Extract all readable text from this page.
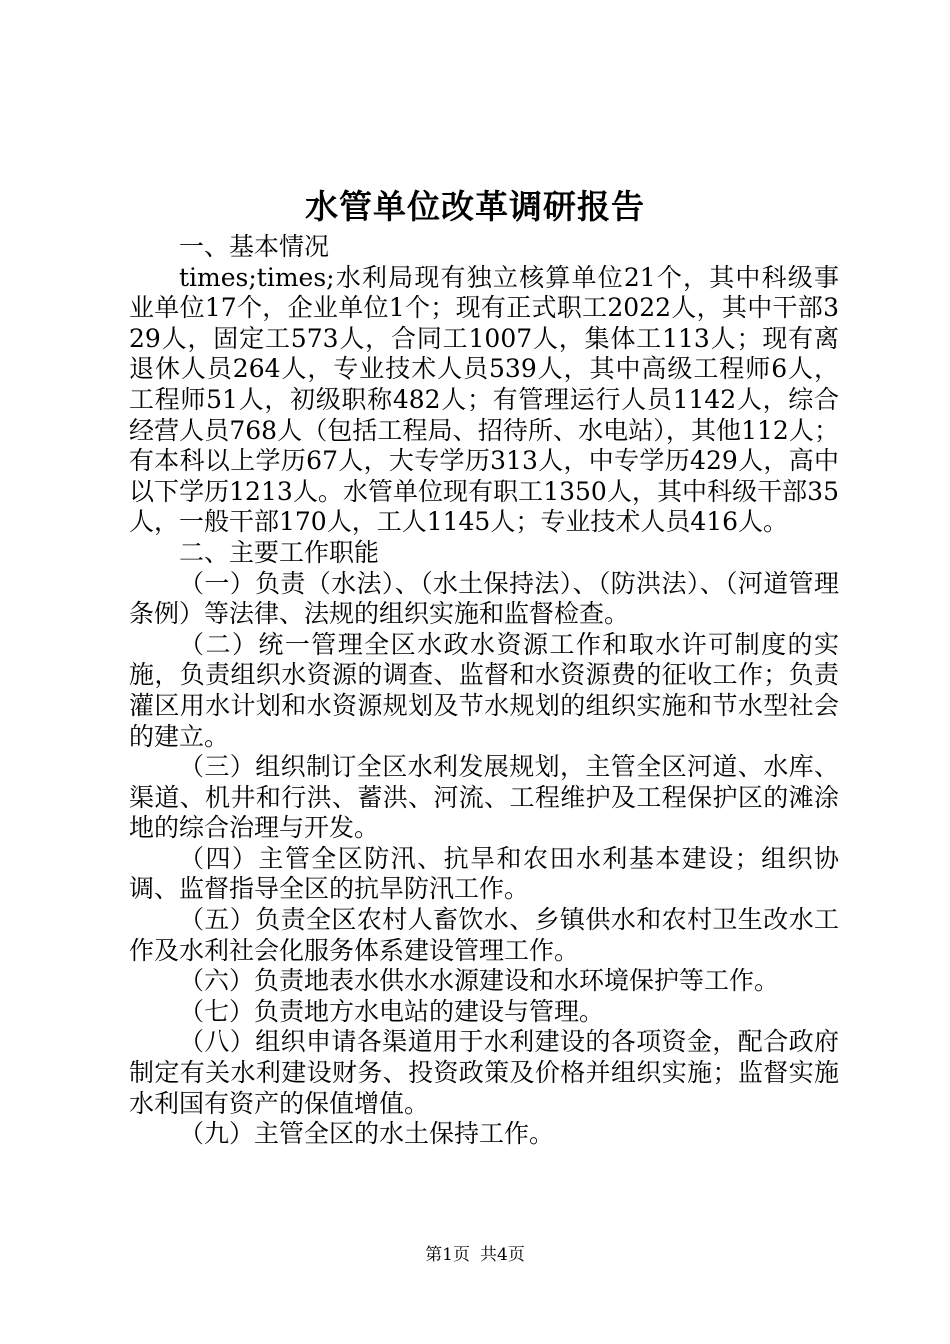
水管单位改革调研报告

一、基本情况

times;times;水利局现有独立核算单位21个，其中科级事业单位17个，企业单位1个；现有正式职工2022人，其中干部329人，固定工573人，合同工1007人，集体工113人；现有离退休人员264人，专业技术人员539人，其中高级工程师6人，工程师51人，初级职称482人；有管理运行人员1142人，综合经营人员768人（包括工程局、招待所、水电站），其他112人；有本科以上学历67人，大专学历313人，中专学历429人，高中以下学历1213人。水管单位现有职工1350人，其中科级干部35人，一般干部170人，工人1145人；专业技术人员416人。

二、主要工作职能

（一）负责（水法）、（水土保持法）、（防洪法）、（河道管理条例）等法律、法规的组织实施和监督检查。

（二）统一管理全区水政水资源工作和取水许可制度的实施，负责组织水资源的调查、监督和水资源费的征收工作；负责灌区用水计划和水资源规划及节水规划的组织实施和节水型社会的建立。

（三）组织制订全区水利发展规划，主管全区河道、水库、渠道、机井和行洪、蓄洪、河流、工程维护及工程保护区的滩涂地的综合治理与开发。

（四）主管全区防汛、抗旱和农田水利基本建设；组织协调、监督指导全区的抗旱防汛工作。

（五）负责全区农村人畜饮水、乡镇供水和农村卫生改水工作及水利社会化服务体系建设管理工作。

（六）负责地表水供水水源建设和水环境保护等工作。

（七）负责地方水电站的建设与管理。

（八）组织申请各渠道用于水利建设的各项资金，配合政府制定有关水利建设财务、投资政策及价格并组织实施；监督实施水利国有资产的保值增值。

（九）主管全区的水土保持工作。

第1页 共4页
